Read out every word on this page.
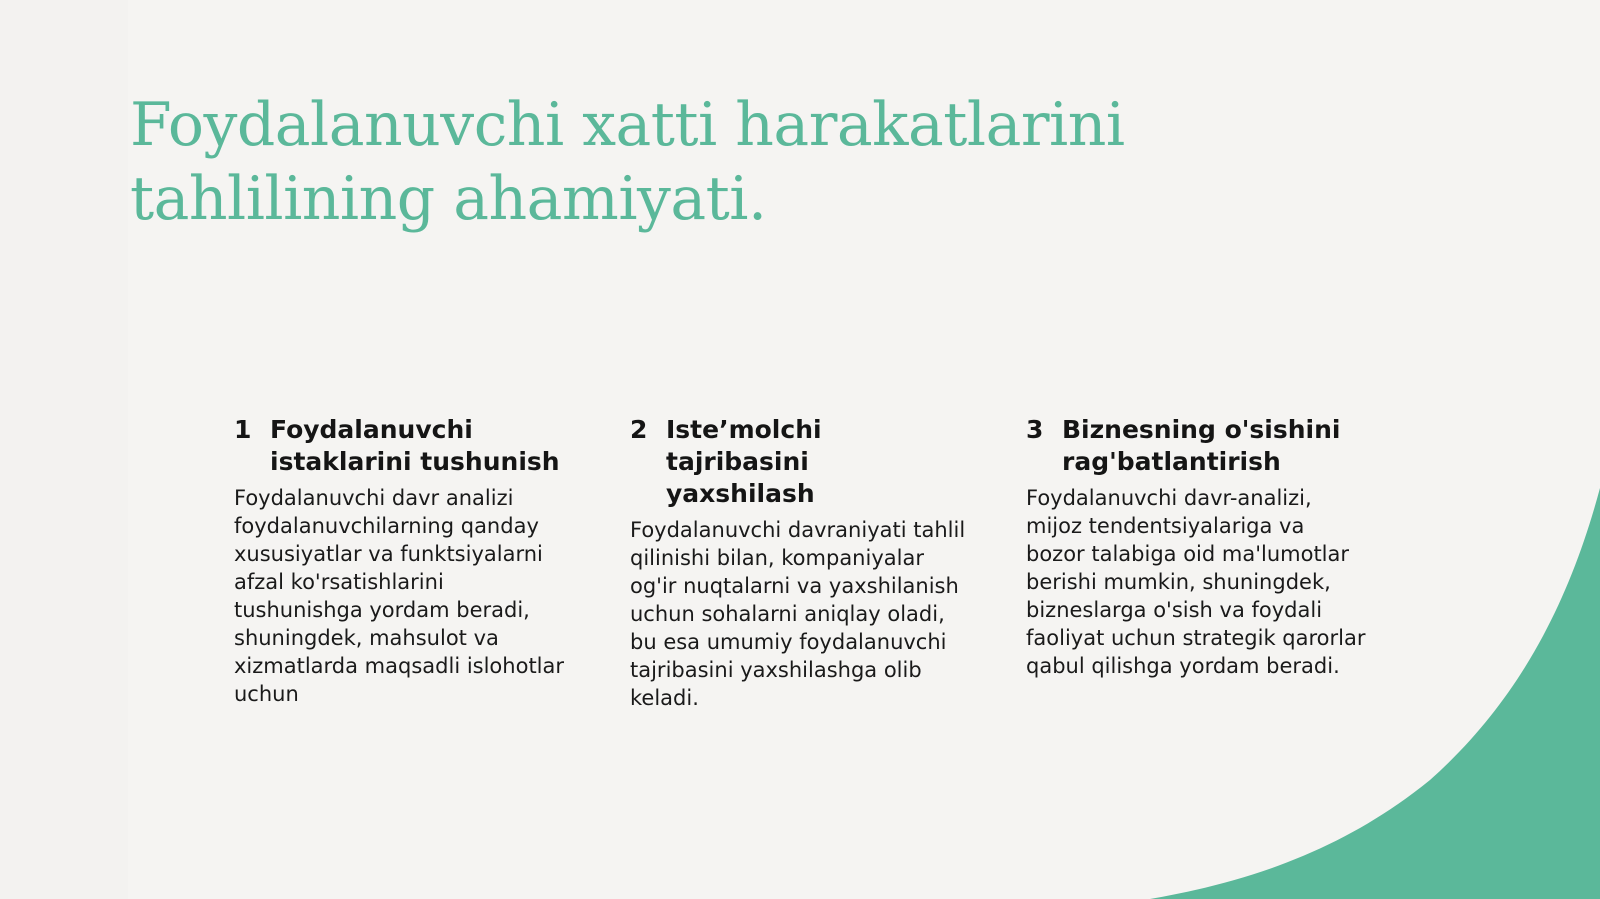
Foydalanuvchi xatti harakatlarini
tahlilining ahamiyati.
1 Foydalanuvchi
istaklarini tushunish

Foydalanuvchi davr analizi foydalanuvchilarning qanday xususiyatlar va funktsiyalarni afzal ko'rsatishlarini tushunishga yordam beradi, shuningdek, mahsulot va xizmatlarda maqsadli islohotlar uchun

2 Iste’molchi tajribasini
yaxshilash

Foydalanuvchi davraniyati tahlil qilinishi bilan, kompaniyalar og'ir nuqtalarni va yaxshilanish uchun sohalarni aniqlay oladi, bu esa umumiy foydalanuvchi tajribasini yaxshilashga olib keladi.

3 Biznesning o'sishini
rag'batlantirish

Foydalanuvchi davr-analizi, mijoz tendentsiyalariga va bozor talabiga oid ma'lumotlar berishi mumkin, shuningdek, bizneslarga o'sish va foydali faoliyat uchun strategik qarorlar qabul qilishga yordam beradi.
